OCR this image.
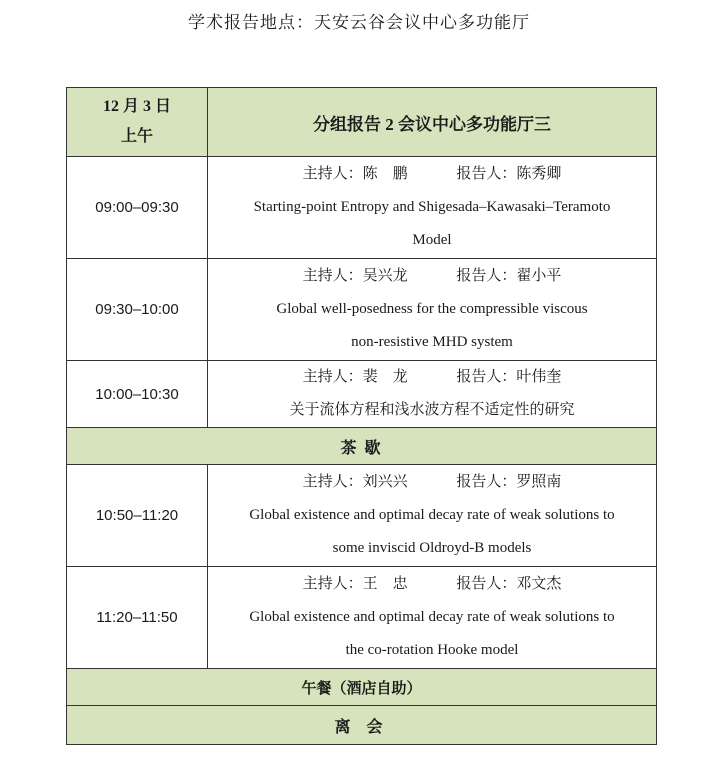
学术报告地点：天安云谷会议中心多功能厅
12 月 3 日
上午	分组报告 2 会议中心多功能厅三
09:00–09:30	主持人：陈　鹏 报告人：陈秀卿
Starting-point Entropy and Shigesada–Kawasaki–Teramoto
Model

09:30–10:00	主持人：吴兴龙 报告人：翟小平
Global well-posedness for the compressible viscous
non-resistive MHD system

10:00–10:30	主持人：裴　龙 报告人：叶伟奎
关于流体方程和浅水波方程不适定性的研究

茶 歇	
10:50–11:20	主持人：刘兴兴 报告人：罗照南
Global existence and optimal decay rate of weak solutions to
some inviscid Oldroyd-B models

11:20–11:50	主持人：王　忠 报告人：邓文杰
Global existence and optimal decay rate of weak solutions to
the co-rotation Hooke model

午餐（酒店自助）	
离 会	
